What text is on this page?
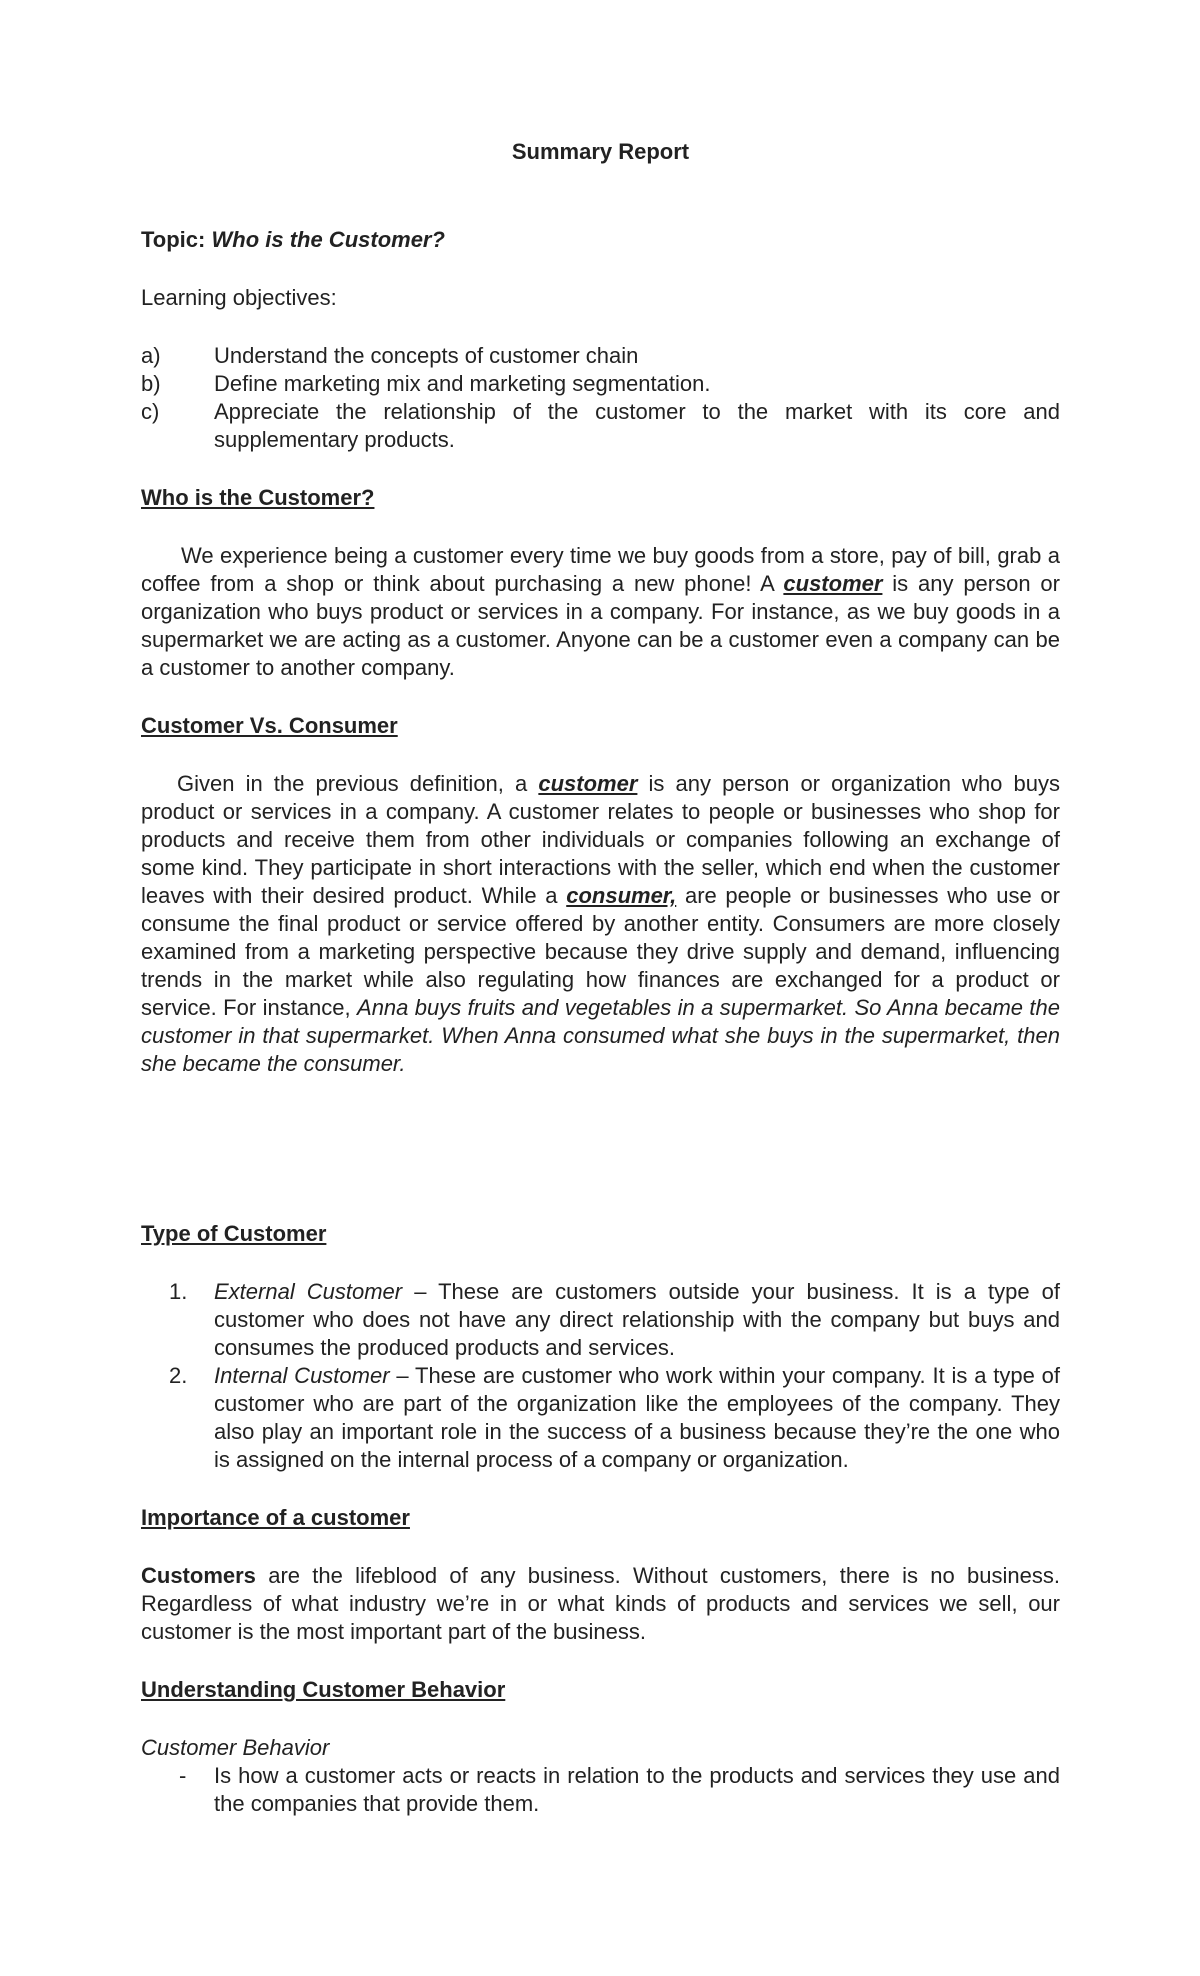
Summary Report

Topic: Who is the Customer?

Learning objectives:

a)	Understand the concepts of customer chain
b)	Define marketing mix and marketing segmentation.
c)	Appreciate the relationship of the customer to the market with its core and supplementary products.
Who is the Customer?

We experience being a customer every time we buy goods from a store, pay of bill, grab a coffee from a shop or think about purchasing a new phone! A customer is any person or organization who buys product or services in a company. For instance, as we buy goods in a supermarket we are acting as a customer. Anyone can be a customer even a company can be a customer to another company.

Customer Vs. Consumer

Given in the previous definition, a customer is any person or organization who buys product or services in a company. A customer relates to people or businesses who shop for products and receive them from other individuals or companies following an exchange of some kind. They participate in short interactions with the seller, which end when the customer leaves with their desired product. While a consumer, are people or businesses who use or consume the final product or service offered by another entity. Consumers are more closely examined from a marketing perspective because they drive supply and demand, influencing trends in the market while also regulating how finances are exchanged for a product or service. For instance, Anna buys fruits and vegetables in a supermarket. So Anna became the customer in that supermarket. When Anna consumed what she buys in the supermarket, then she became the consumer.

Type of Customer
1.	External Customer – These are customers outside your business. It is a type of customer who does not have any direct relationship with the company but buys and consumes the produced products and services.
2.	Internal Customer – These are customer who work within your company. It is a type of customer who are part of the organization like the employees of the company. They also play an important role in the success of a business because they’re the one who is assigned on the internal process of a company or organization.
Importance of a customer

Customers are the lifeblood of any business. Without customers, there is no business. Regardless of what industry we’re in or what kinds of products and services we sell, our customer is the most important part of the business.

Understanding Customer Behavior

Customer Behavior

-	Is how a customer acts or reacts in relation to the products and services they use and the companies that provide them.
